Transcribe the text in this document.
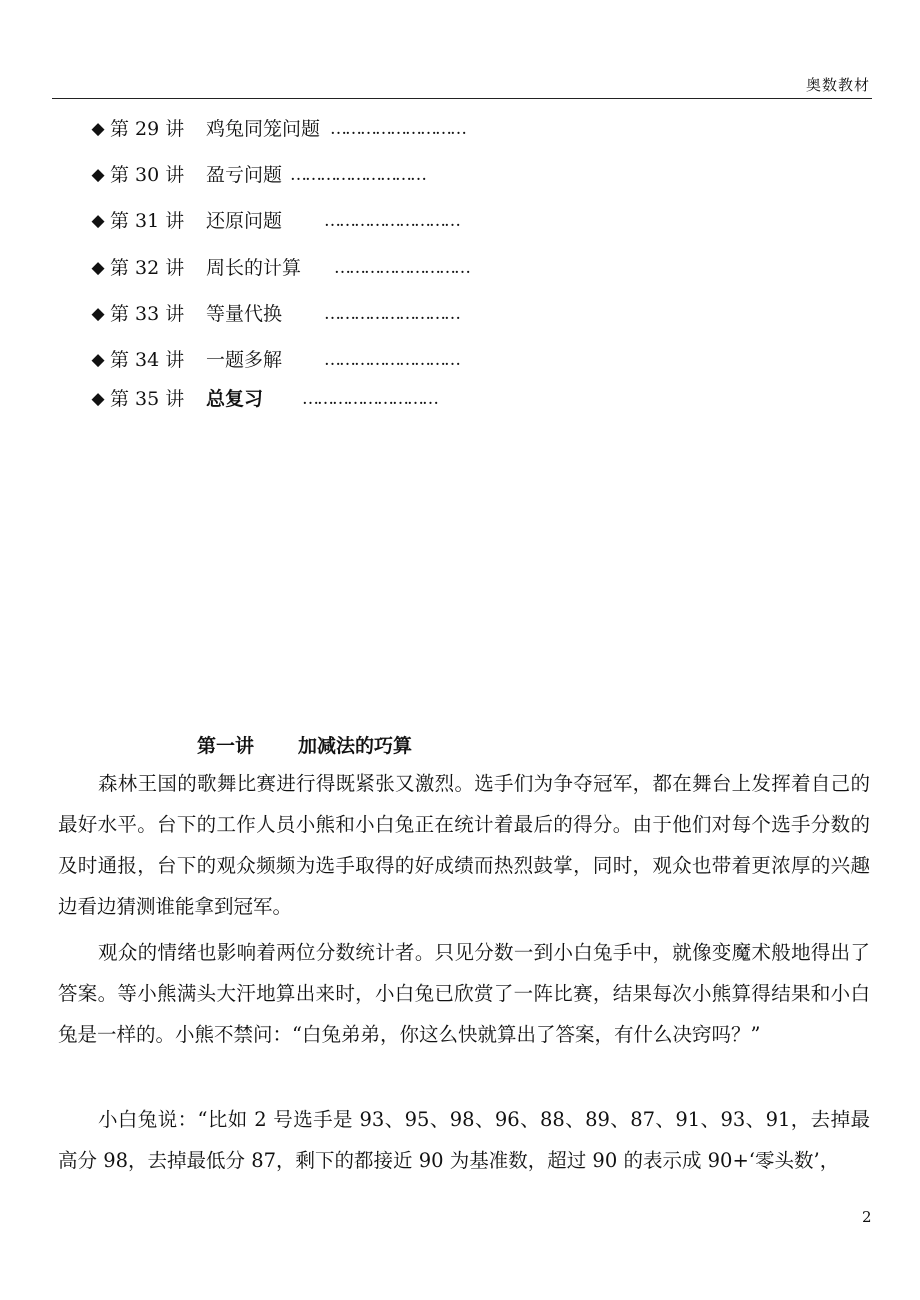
奥数教材
◆ 第 29 讲 鸡兔同笼问题 ………………………
◆ 第 30 讲 盈亏问题 ………………………
◆ 第 31 讲 还原问题 ………………………
◆ 第 32 讲 周长的计算 ………………………
◆ 第 33 讲 等量代换 ………………………
◆ 第 34 讲 一题多解 ………………………
◆ 第 35 讲 总复习 ………………………
第一讲 加减法的巧算

森林王国的歌舞比赛进行得既紧张又激烈。选手们为争夺冠军，都在舞台上发挥着自己的最好水平。台下的工作人员小熊和小白兔正在统计着最后的得分。由于他们对每个选手分数的及时通报，台下的观众频频为选手取得的好成绩而热烈鼓掌，同时，观众也带着更浓厚的兴趣边看边猜测谁能拿到冠军。

观众的情绪也影响着两位分数统计者。只见分数一到小白兔手中，就像变魔术般地得出了答案。等小熊满头大汗地算出来时，小白兔已欣赏了一阵比赛，结果每次小熊算得结果和小白兔是一样的。小熊不禁问：“白兔弟弟，你这么快就算出了答案，有什么决窍吗？”

小白兔说：“比如 2 号选手是 93、95、98、96、88、89、87、91、93、91，去掉最高分 98，去掉最低分 87，剩下的都接近 90 为基准数，超过 90 的表示成 90+‘零头数’，

2
